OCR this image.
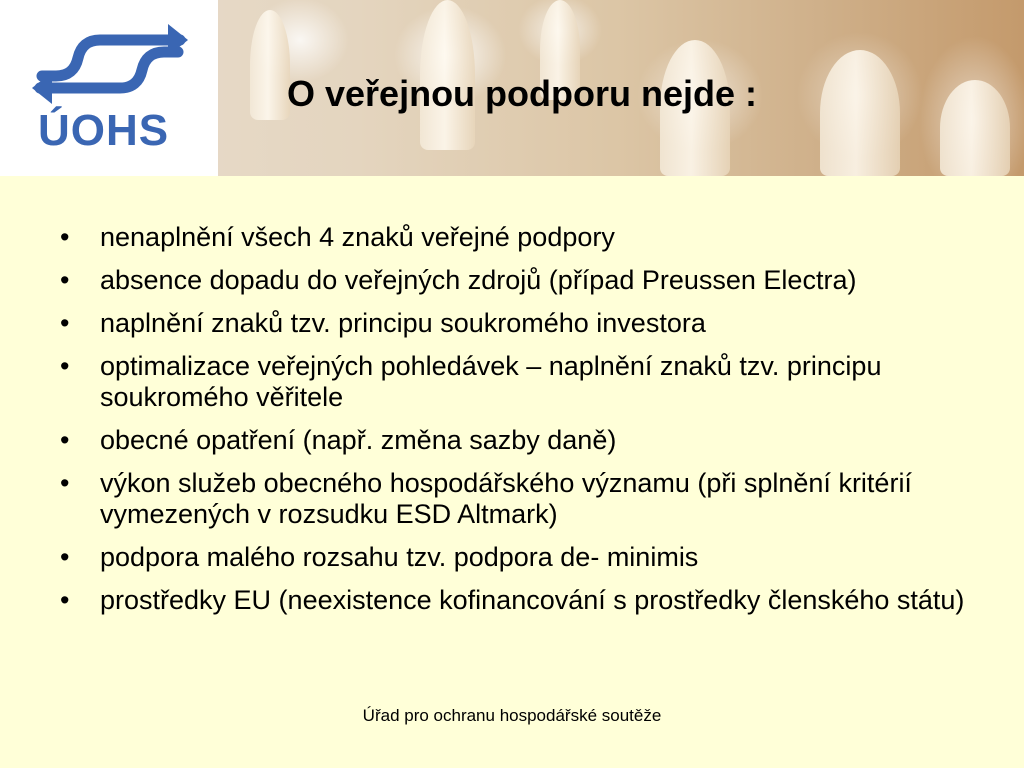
ÚOHS
O veřejnou podporu nejde :
• nenaplnění všech 4 znaků veřejné podpory
• absence dopadu do veřejných zdrojů (případ Preussen Electra)
• naplnění znaků tzv. principu soukromého investora
• optimalizace veřejných pohledávek – naplnění znaků tzv. principu soukromého věřitele
• obecné opatření (např. změna sazby daně)
• výkon služeb obecného hospodářského významu (při splnění kritérií vymezených v rozsudku ESD Altmark)
• podpora malého rozsahu tzv. podpora de- minimis
• prostředky EU (neexistence kofinancování s prostředky členského státu)
Úřad pro ochranu hospodářské soutěže
